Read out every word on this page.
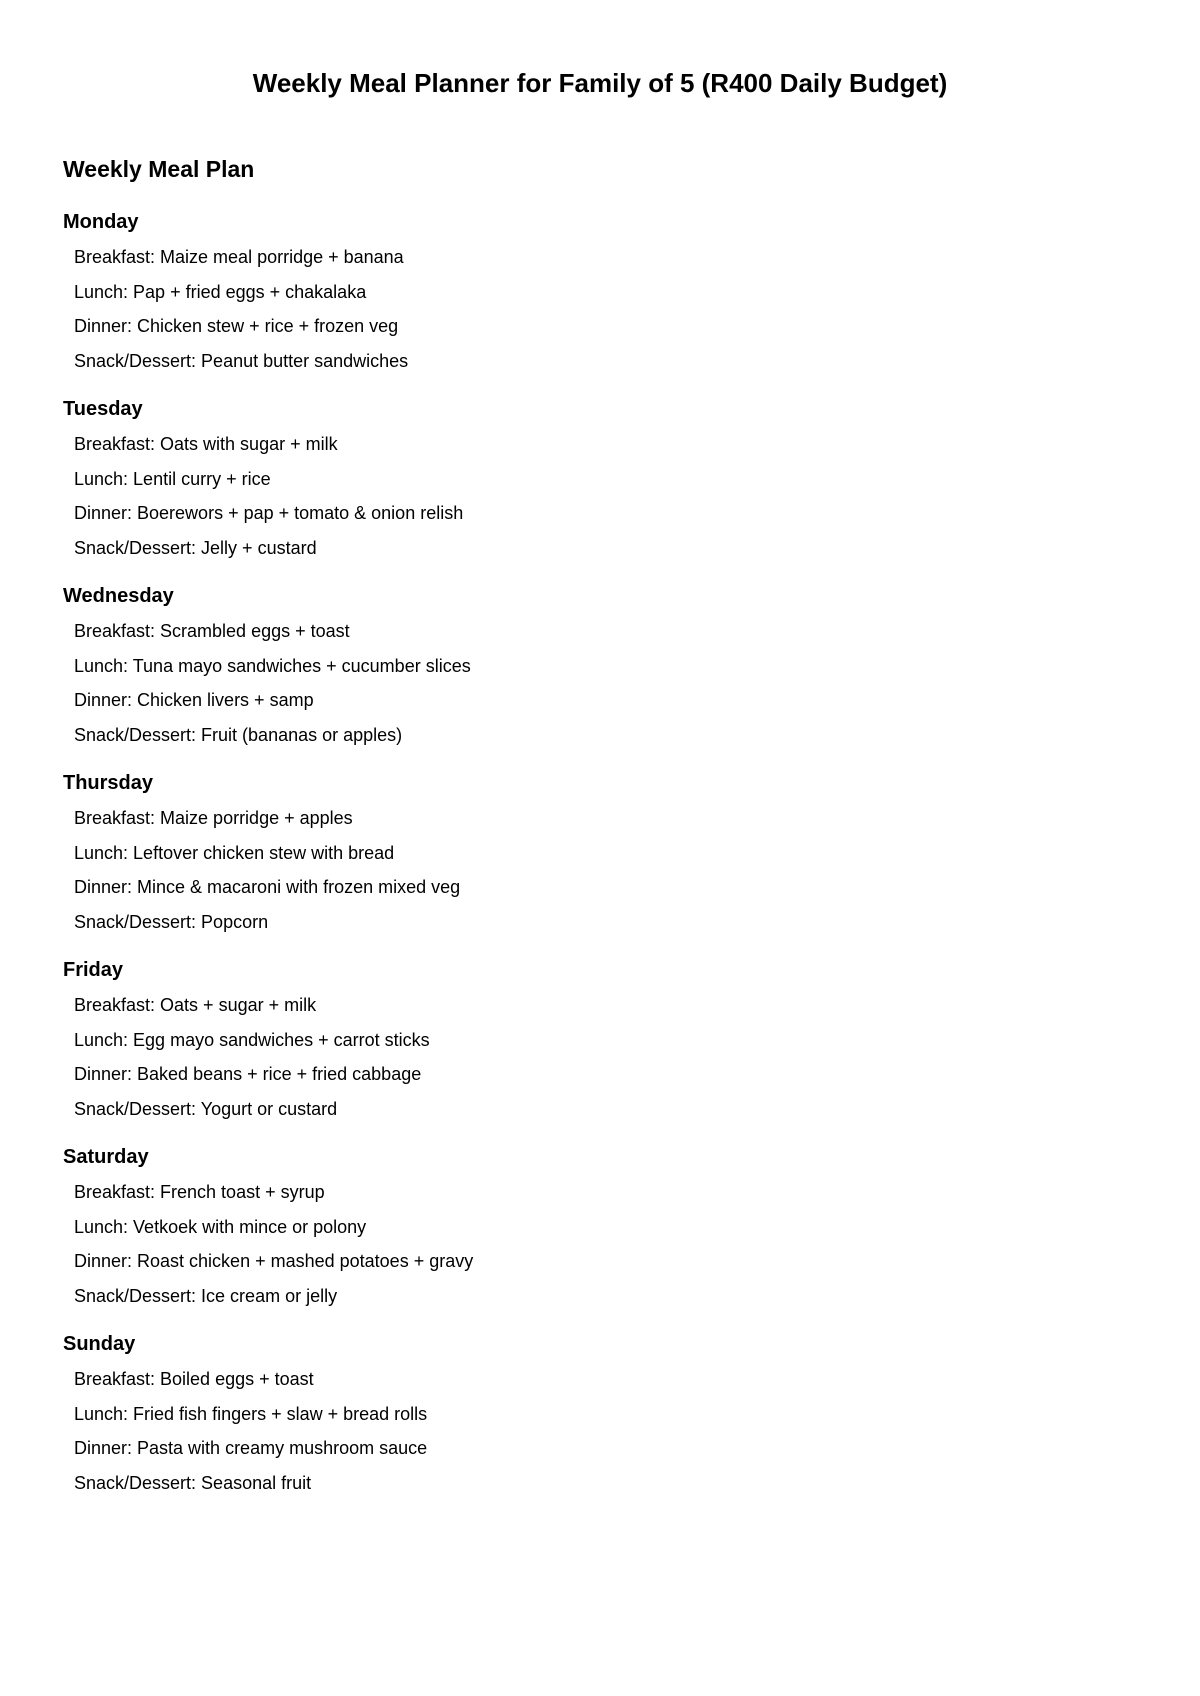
Weekly Meal Planner for Family of 5 (R400 Daily Budget)
Weekly Meal Plan
Monday
Breakfast: Maize meal porridge + banana
Lunch: Pap + fried eggs + chakalaka
Dinner: Chicken stew + rice + frozen veg
Snack/Dessert: Peanut butter sandwiches
Tuesday
Breakfast: Oats with sugar + milk
Lunch: Lentil curry + rice
Dinner: Boerewors + pap + tomato & onion relish
Snack/Dessert: Jelly + custard
Wednesday
Breakfast: Scrambled eggs + toast
Lunch: Tuna mayo sandwiches + cucumber slices
Dinner: Chicken livers + samp
Snack/Dessert: Fruit (bananas or apples)
Thursday
Breakfast: Maize porridge + apples
Lunch: Leftover chicken stew with bread
Dinner: Mince & macaroni with frozen mixed veg
Snack/Dessert: Popcorn
Friday
Breakfast: Oats + sugar + milk
Lunch: Egg mayo sandwiches + carrot sticks
Dinner: Baked beans + rice + fried cabbage
Snack/Dessert: Yogurt or custard
Saturday
Breakfast: French toast + syrup
Lunch: Vetkoek with mince or polony
Dinner: Roast chicken + mashed potatoes + gravy
Snack/Dessert: Ice cream or jelly
Sunday
Breakfast: Boiled eggs + toast
Lunch: Fried fish fingers + slaw + bread rolls
Dinner: Pasta with creamy mushroom sauce
Snack/Dessert: Seasonal fruit
